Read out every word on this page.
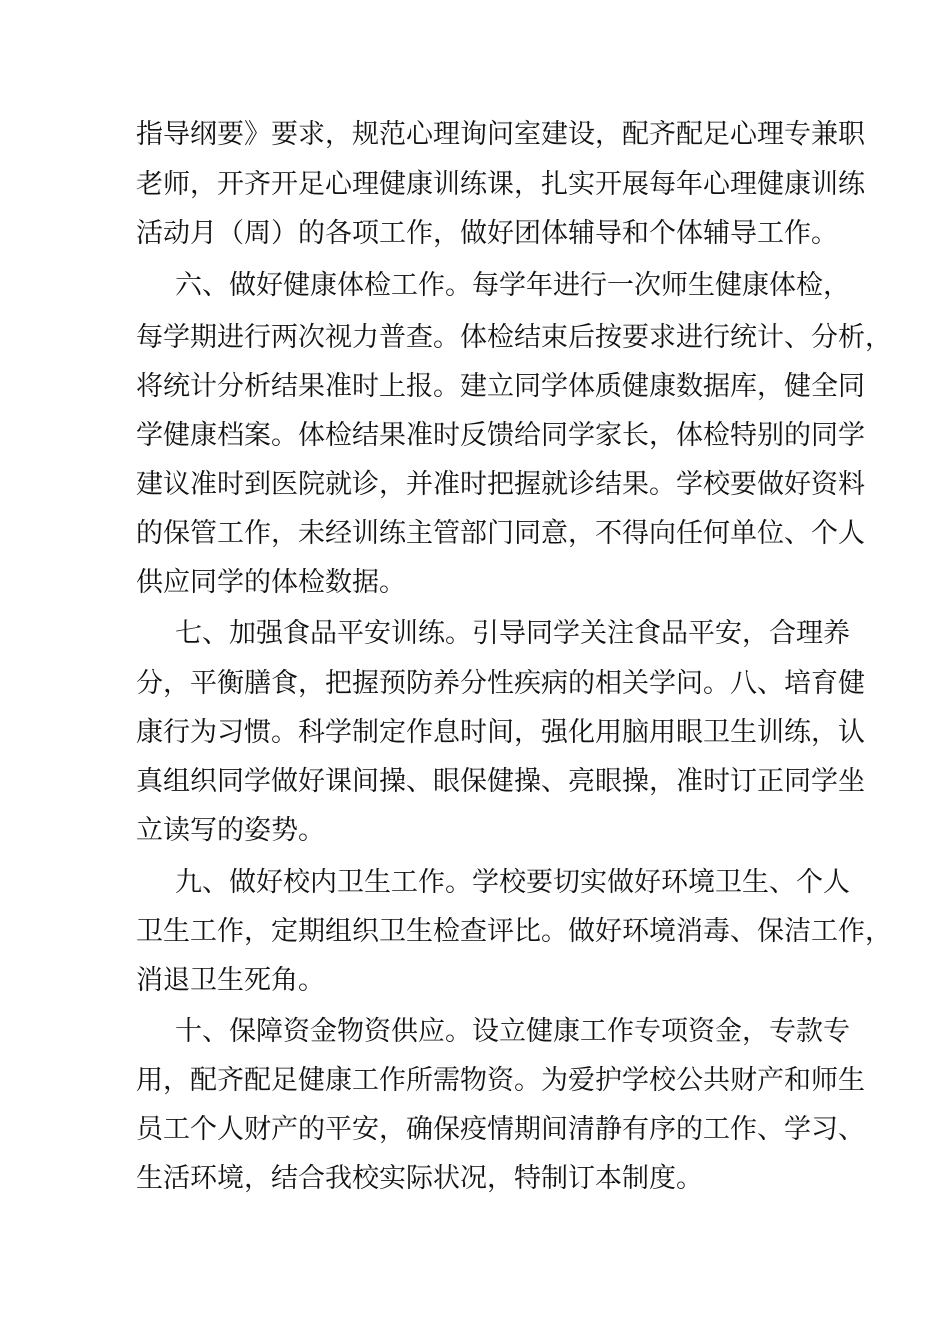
指导纲要》要求，规范心理询问室建设，配齐配足心理专兼职

老师，开齐开足心理健康训练课，扎实开展每年心理健康训练

活动月（周）的各项工作，做好团体辅导和个体辅导工作。

六、做好健康体检工作。每学年进行一次师生健康体检，

每学期进行两次视力普查。体检结束后按要求进行统计、分析，

将统计分析结果准时上报。建立同学体质健康数据库，健全同

学健康档案。体检结果准时反馈给同学家长，体检特别的同学

建议准时到医院就诊，并准时把握就诊结果。学校要做好资料

的保管工作，未经训练主管部门同意，不得向任何单位、个人

供应同学的体检数据。

七、加强食品平安训练。引导同学关注食品平安，合理养

分，平衡膳食，把握预防养分性疾病的相关学问。八、培育健

康行为习惯。科学制定作息时间，强化用脑用眼卫生训练，认

真组织同学做好课间操、眼保健操、亮眼操，准时订正同学坐

立读写的姿势。

九、做好校内卫生工作。学校要切实做好环境卫生、个人

卫生工作，定期组织卫生检查评比。做好环境消毒、保洁工作，

消退卫生死角。

十、保障资金物资供应。设立健康工作专项资金，专款专

用，配齐配足健康工作所需物资。为爱护学校公共财产和师生

员工个人财产的平安，确保疫情期间清静有序的工作、学习、

生活环境，结合我校实际状况，特制订本制度。
